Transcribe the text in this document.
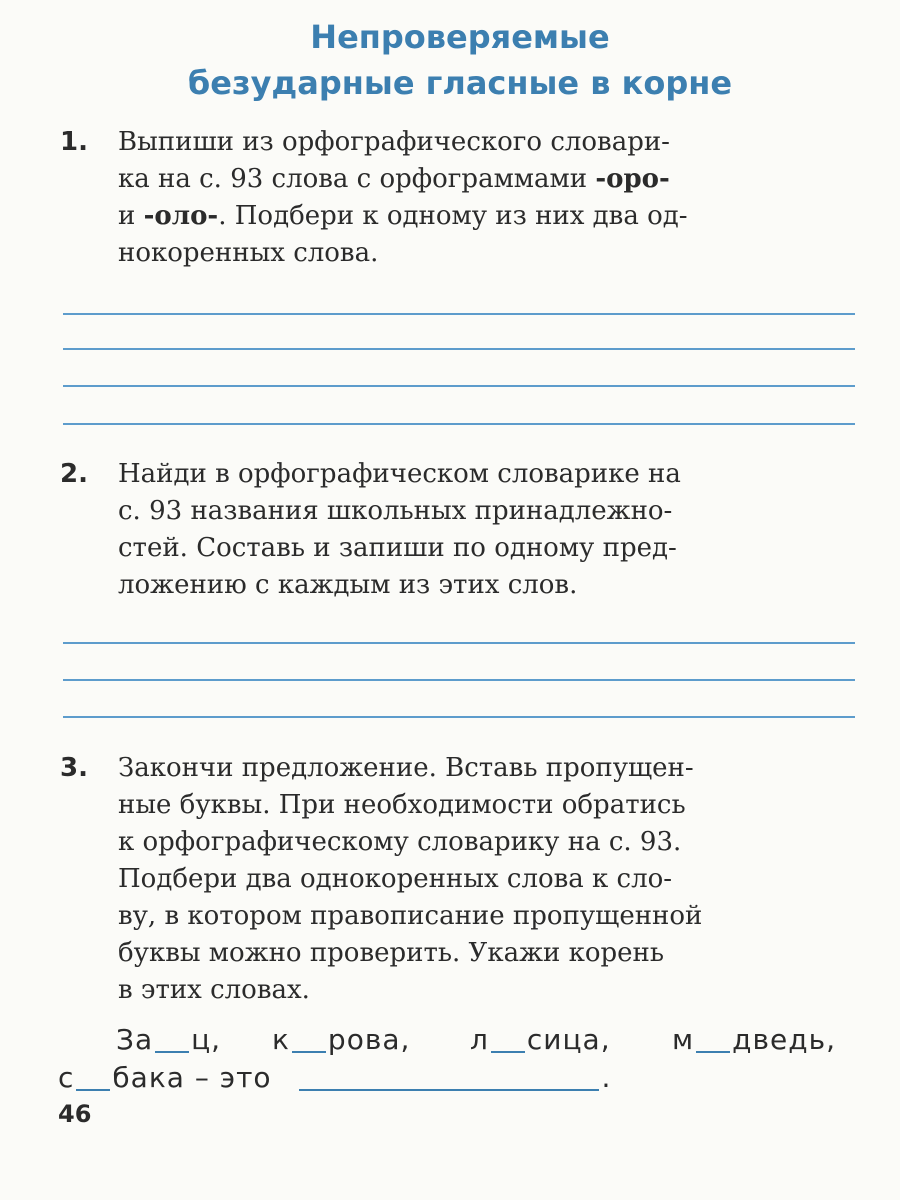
Непроверяемые
безударные гласные в корне
1. Выпиши из орфографического словари-
ка на с. 93 слова с орфограммами -оро-
и -оло-. Подбери к одному из них два од-
нокоренных слова.
2. Найди в орфографическом словарике на
с. 93 названия школьных принадлежно-
стей. Составь и запиши по одному пред-
ложению с каждым из этих слов.
3. Закончи предложение. Вставь пропущен-
ные буквы. При необходимости обратись
к орфографическому словарику на с. 93.
Подбери два однокоренных слова к сло-
ву, в котором правописание пропущенной
буквы можно проверить. Укажи корень
в этих словах.
За ц, к рова, л сица, м дведь,
с бака – это	.
46
